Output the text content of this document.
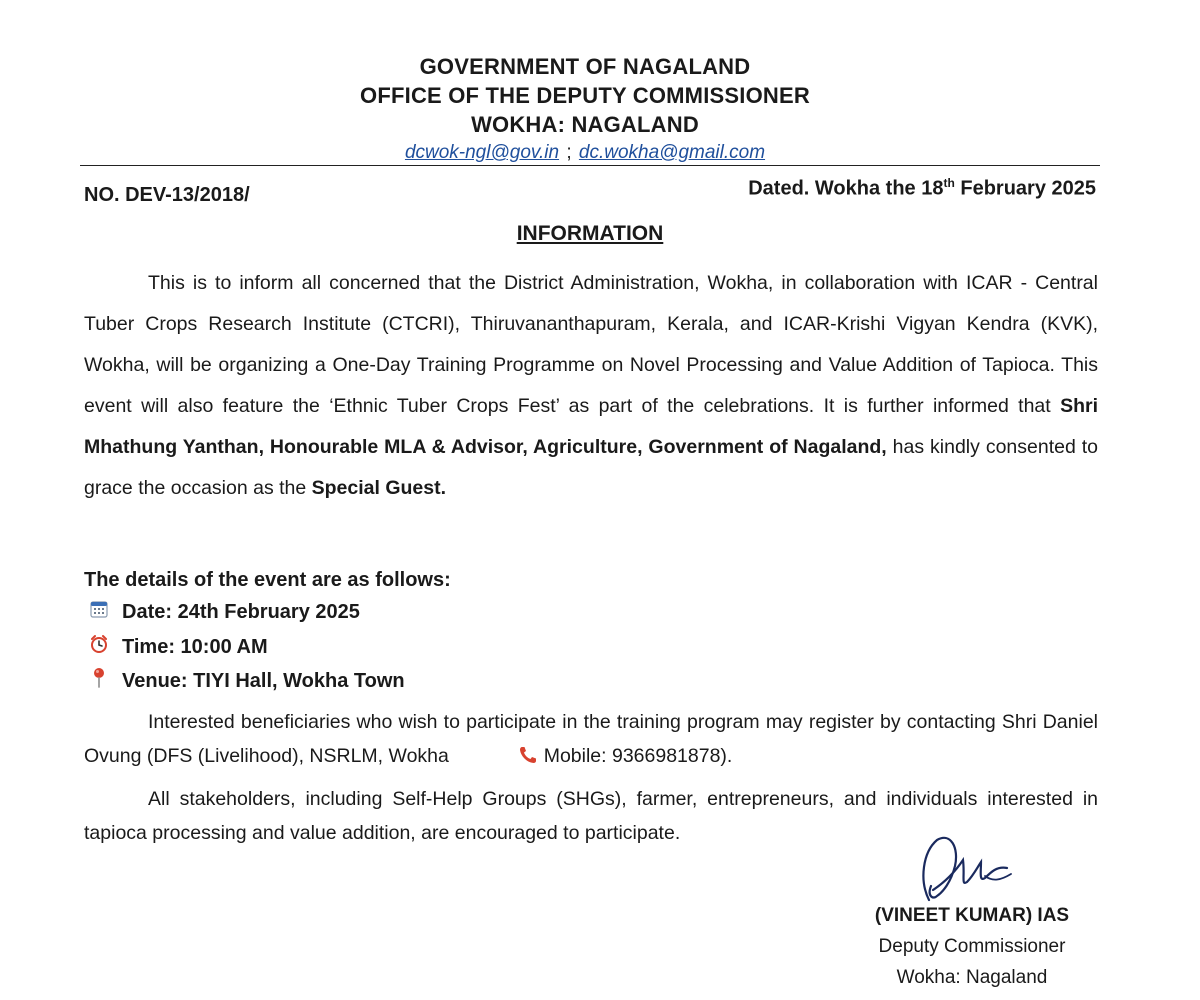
GOVERNMENT OF NAGALAND
OFFICE OF THE DEPUTY COMMISSIONER
WOKHA: NAGALAND
dcwok-ngl@gov.in ; dc.wokha@gmail.com
NO. DEV-13/2018/	Dated. Wokha the 18th February 2025
INFORMATION
This is to inform all concerned that the District Administration, Wokha, in collaboration with ICAR - Central Tuber Crops Research Institute (CTCRI), Thiruvananthapuram, Kerala, and ICAR-Krishi Vigyan Kendra (KVK), Wokha, will be organizing a One-Day Training Programme on Novel Processing and Value Addition of Tapioca. This event will also feature the ‘Ethnic Tuber Crops Fest’ as part of the celebrations. It is further informed that Shri Mhathung Yanthan, Honourable MLA & Advisor, Agriculture, Government of Nagaland, has kindly consented to grace the occasion as the Special Guest.
The details of the event are as follows:
Date: 24th February 2025
Time: 10:00 AM
Venue: TIYI Hall, Wokha Town
Interested beneficiaries who wish to participate in the training program may register by contacting Shri Daniel Ovung (DFS (Livelihood), NSRLM, Wokha	Mobile: 9366981878).
All stakeholders, including Self-Help Groups (SHGs), farmer, entrepreneurs, and individuals interested in tapioca processing and value addition, are encouraged to participate.
(VINEET KUMAR) IAS
Deputy Commissioner
Wokha: Nagaland
